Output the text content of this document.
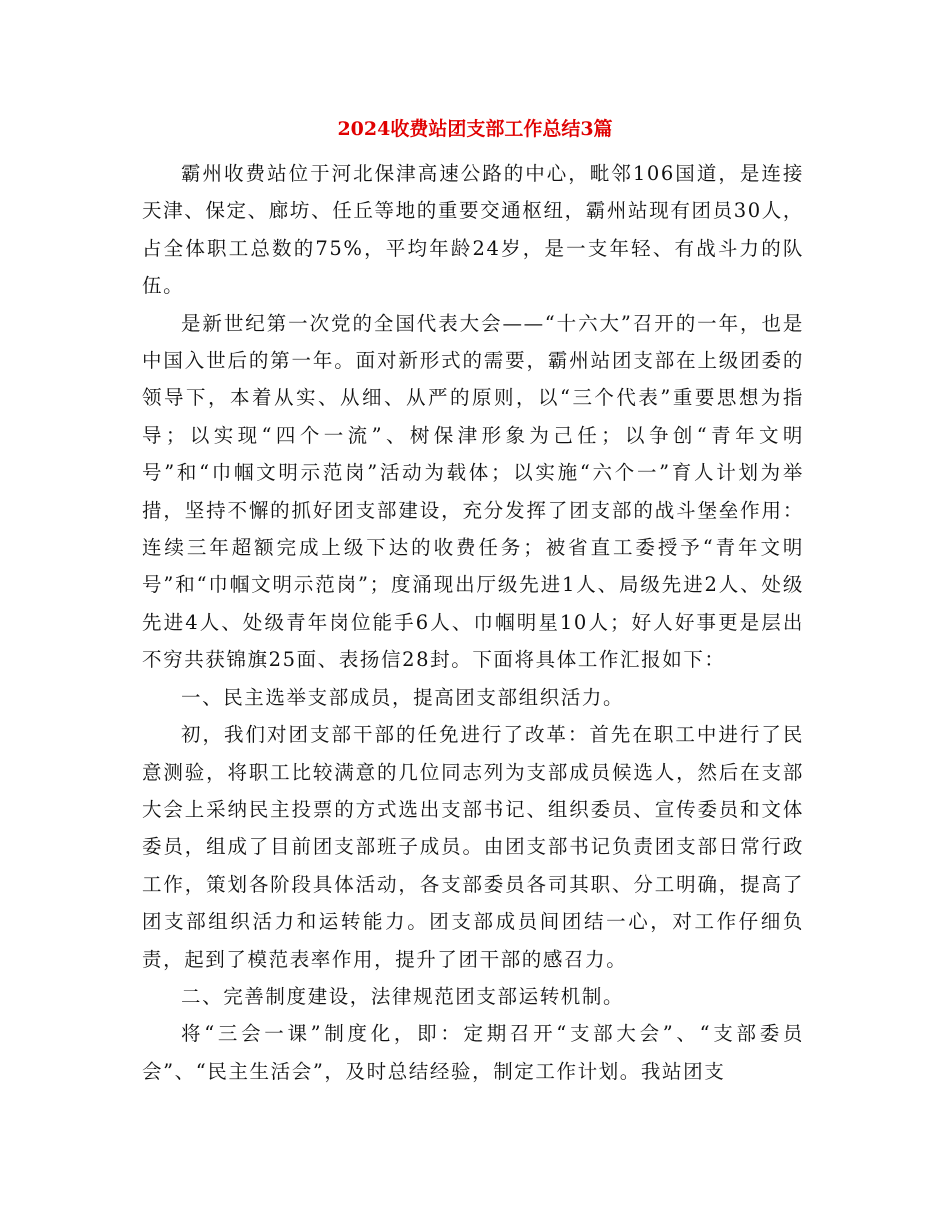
2024收费站团支部工作总结3篇

霸州收费站位于河北保津高速公路的中心，毗邻106国道，是连接天津、保定、廊坊、任丘等地的重要交通枢纽，霸州站现有团员30人，占全体职工总数的75%，平均年龄24岁，是一支年轻、有战斗力的队伍。

是新世纪第一次党的全国代表大会——“十六大”召开的一年，也是中国入世后的第一年。面对新形式的需要，霸州站团支部在上级团委的领导下，本着从实、从细、从严的原则，以“三个代表”重要思想为指导；以实现“四个一流”、树保津形象为己任；以争创“青年文明号”和“巾帼文明示范岗”活动为载体；以实施“六个一”育人计划为举措，坚持不懈的抓好团支部建设，充分发挥了团支部的战斗堡垒作用：连续三年超额完成上级下达的收费任务；被省直工委授予“青年文明号”和“巾帼文明示范岗”；度涌现出厅级先进1人、局级先进2人、处级先进4人、处级青年岗位能手6人、巾帼明星10人；好人好事更是层出不穷共获锦旗25面、表扬信28封。下面将具体工作汇报如下：

一、民主选举支部成员，提高团支部组织活力。

初，我们对团支部干部的任免进行了改革：首先在职工中进行了民意测验，将职工比较满意的几位同志列为支部成员候选人，然后在支部大会上采纳民主投票的方式选出支部书记、组织委员、宣传委员和文体委员，组成了目前团支部班子成员。由团支部书记负责团支部日常行政工作，策划各阶段具体活动，各支部委员各司其职、分工明确，提高了团支部组织活力和运转能力。团支部成员间团结一心，对工作仔细负责，起到了模范表率作用，提升了团干部的感召力。

二、完善制度建设，法律规范团支部运转机制。

将“三会一课”制度化，即：定期召开“支部大会”、“支部委员会”、“民主生活会”，及时总结经验，制定工作计划。我站团支
